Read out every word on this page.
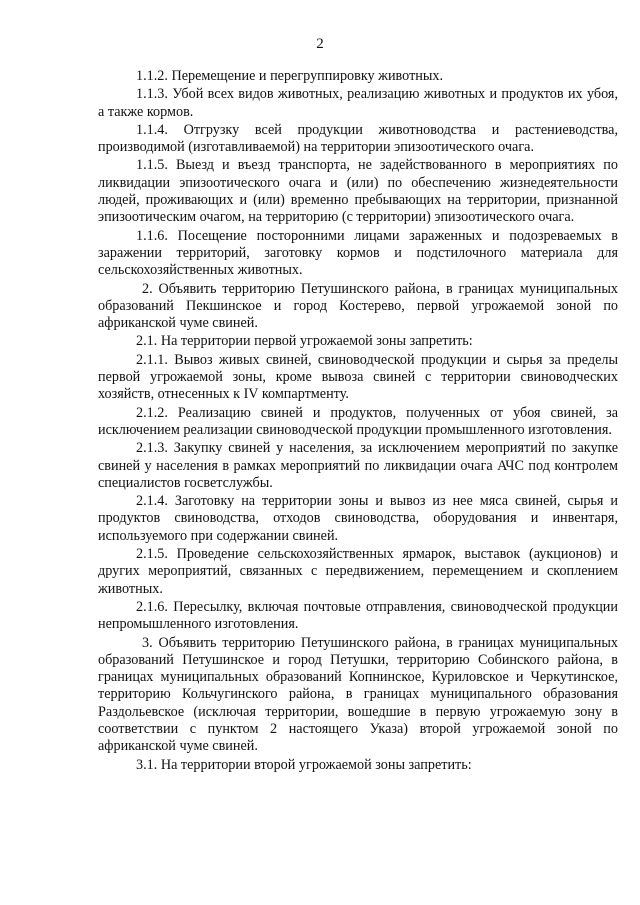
2

1.1.2. Перемещение и перегруппировку животных.

1.1.3. Убой всех видов животных, реализацию животных и продуктов их убоя, а также кормов.

1.1.4. Отгрузку всей продукции животноводства и растениеводства, производимой (изготавливаемой) на территории эпизоотического очага.

1.1.5. Выезд и въезд транспорта, не задействованного в мероприятиях по ликвидации эпизоотического очага и (или) по обеспечению жизнедеятельности людей, проживающих и (или) временно пребывающих на территории, признанной эпизоотическим очагом, на территорию (с территории) эпизоотического очага.

1.1.6. Посещение посторонними лицами зараженных и подозреваемых в заражении территорий, заготовку кормов и подстилочного материала для сельскохозяйственных животных.

2. Объявить территорию Петушинского района, в границах муниципальных образований Пекшинское и город Костерево, первой угрожаемой зоной по африканской чуме свиней.

2.1. На территории первой угрожаемой зоны запретить:

2.1.1. Вывоз живых свиней, свиноводческой продукции и сырья за пределы первой угрожаемой зоны, кроме вывоза свиней с территории свиноводческих хозяйств, отнесенных к IV компартменту.

2.1.2. Реализацию свиней и продуктов, полученных от убоя свиней, за исключением реализации свиноводческой продукции промышленного изготовления.

2.1.3. Закупку свиней у населения, за исключением мероприятий по закупке свиней у населения в рамках мероприятий по ликвидации очага АЧС под контролем специалистов госветслужбы.

2.1.4. Заготовку на территории зоны и вывоз из нее мяса свиней, сырья и продуктов свиноводства, отходов свиноводства, оборудования и инвентаря, используемого при содержании свиней.

2.1.5. Проведение сельскохозяйственных ярмарок, выставок (аукционов) и других мероприятий, связанных с передвижением, перемещением и скоплением животных.

2.1.6. Пересылку, включая почтовые отправления, свиноводческой продукции непромышленного изготовления.

3. Объявить территорию Петушинского района, в границах муниципальных образований Петушинское и город Петушки, территорию Собинского района, в границах муниципальных образований Копнинское, Куриловское и Черкутинское, территорию Кольчугинского района, в границах муниципального образования Раздольевское (исключая территории, вошедшие в первую угрожаемую зону в соответствии с пунктом 2 настоящего Указа) второй угрожаемой зоной по африканской чуме свиней.

3.1. На территории второй угрожаемой зоны запретить:
